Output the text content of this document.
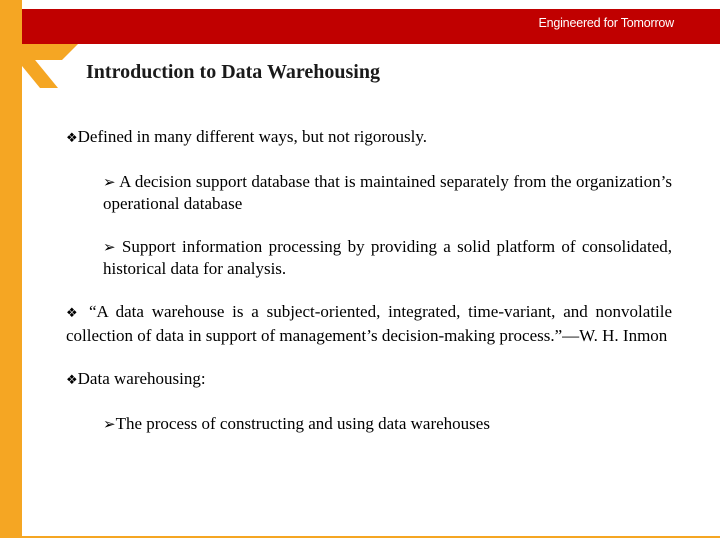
Engineered for Tomorrow
Introduction to Data Warehousing

❖Defined in many different ways, but not rigorously.

➢ A decision support database that is maintained separately from the organization’s operational database

➢ Support information processing by providing a solid platform of consolidated, historical data for analysis.

❖ “A data warehouse is a subject-oriented, integrated, time-variant, and nonvolatile collection of data in support of management’s decision-making process.”—W. H. Inmon

❖Data warehousing:

➢The process of constructing and using data warehouses
